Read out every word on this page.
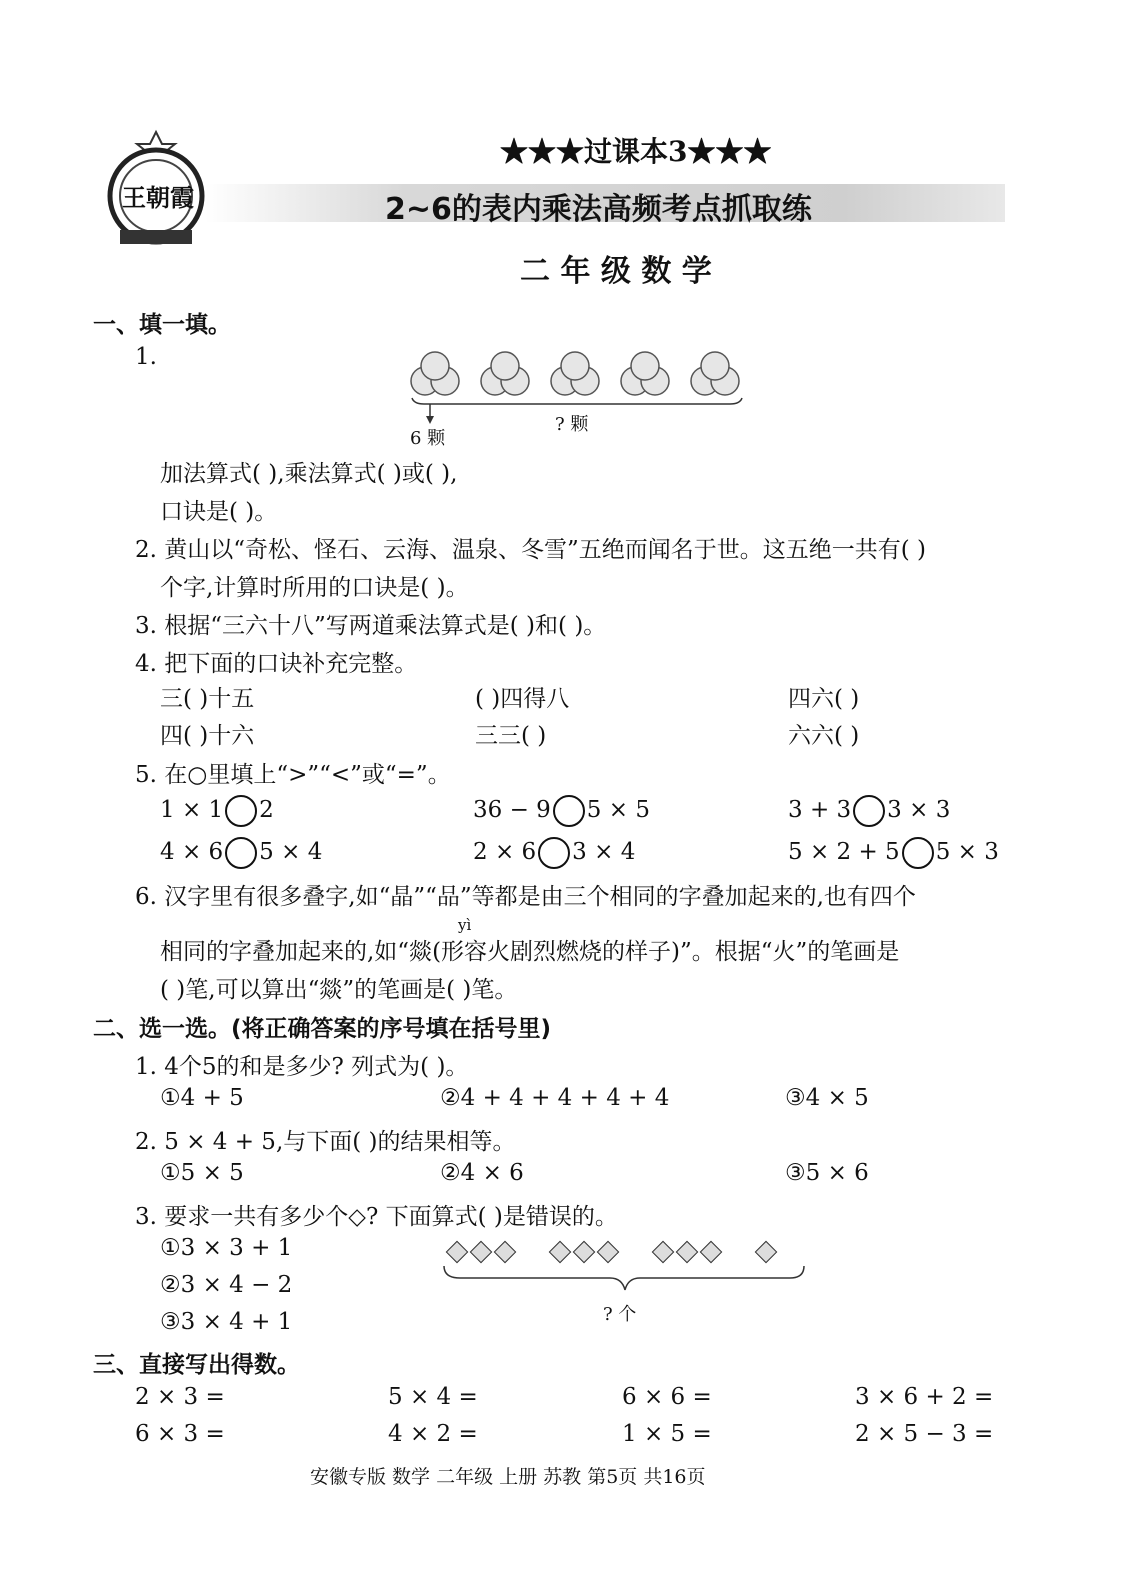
王朝霞
★★★过课本3★★★
2~6的表内乘法高频考点抓取练
二 年 级 数 学
一、填一填。
1.
6 颗
? 颗
加法算式( ),乘法算式( )或( ),
口诀是( )。
2. 黄山以“奇松、怪石、云海、温泉、冬雪”五绝而闻名于世。这五绝一共有( )
个字,计算时所用的口诀是( )。
3. 根据“三六十八”写两道乘法算式是( )和( )。
4. 把下面的口诀补充完整。
三( )十五	( )四得八	四六( )
四( )十六	三三( )	六六( )
5. 在○里填上“>”“<”或“=”。
1 × 1 2	36 − 9 5 × 5	3 + 3 3 × 3
4 × 6 5 × 4	2 × 6 3 × 4	5 × 2 + 5 5 × 3
6. 汉字里有很多叠字,如“晶”“品”等都是由三个相同的字叠加起来的,也有四个
yì
相同的字叠加起来的,如“燚(形容火剧烈燃烧的样子)”。根据“火”的笔画是
( )笔,可以算出“燚”的笔画是( )笔。
二、选一选。(将正确答案的序号填在括号里)
1. 4个5的和是多少? 列式为( )。
①4 + 5	②4 + 4 + 4 + 4 + 4	③4 × 5
2. 5 × 4 + 5,与下面( )的结果相等。
①5 × 5	②4 × 6	③5 × 6
3. 要求一共有多少个◇? 下面算式( )是错误的。
①3 × 3 + 1
②3 × 4 − 2
③3 × 4 + 1
	? 个
三、直接写出得数。
2 × 3 =	5 × 4 =	6 × 6 =	3 × 6 + 2 =
6 × 3 =	4 × 2 =	1 × 5 =	2 × 5 − 3 =
安徽专版 数学 二年级 上册 苏教 第5页 共16页
